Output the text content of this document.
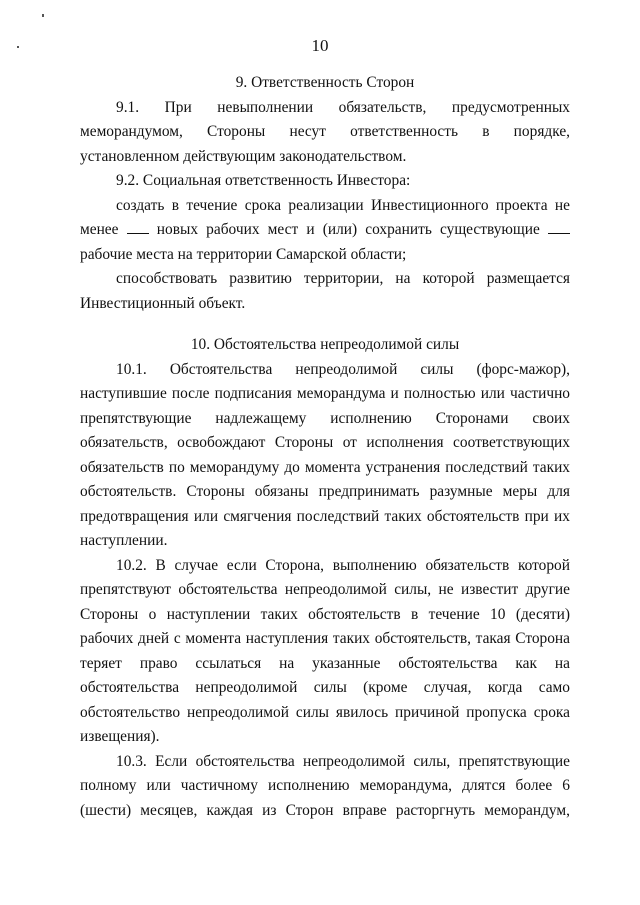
10

9. Ответственность Сторон

9.1. При невыполнении обязательств, предусмотренных меморандумом, Стороны несут ответственность в порядке, установленном действующим законодательством.

9.2. Социальная ответственность Инвестора:

создать в течение срока реализации Инвестиционного проекта не менее новых рабочих мест и (или) сохранить существующие  рабочие места на территории Самарской области;

способствовать развитию территории, на которой размещается Инвестиционный объект.

10. Обстоятельства непреодолимой силы

10.1. Обстоятельства непреодолимой силы (форс-мажор), наступившие после подписания меморандума и полностью или частично препятствующие надлежащему исполнению Сторонами своих обязательств, освобождают Стороны от исполнения соответствующих обязательств по меморандуму до момента устранения последствий таких обстоятельств. Стороны обязаны предпринимать разумные меры для предотвращения или смягчения последствий таких обстоятельств при их наступлении.

10.2. В случае если Сторона, выполнению обязательств которой препятствуют обстоятельства непреодолимой силы, не известит другие Стороны о наступлении таких обстоятельств в течение 10 (десяти) рабочих дней с момента наступления таких обстоятельств, такая Сторона теряет право ссылаться на указанные обстоятельства как на обстоятельства непреодолимой силы (кроме случая, когда само обстоятельство непреодолимой силы явилось причиной пропуска срока извещения).

10.3. Если обстоятельства непреодолимой силы, препятствующие полному или частичному исполнению меморандума, длятся более 6 (шести) месяцев, каждая из Сторон вправе расторгнуть меморандум,
